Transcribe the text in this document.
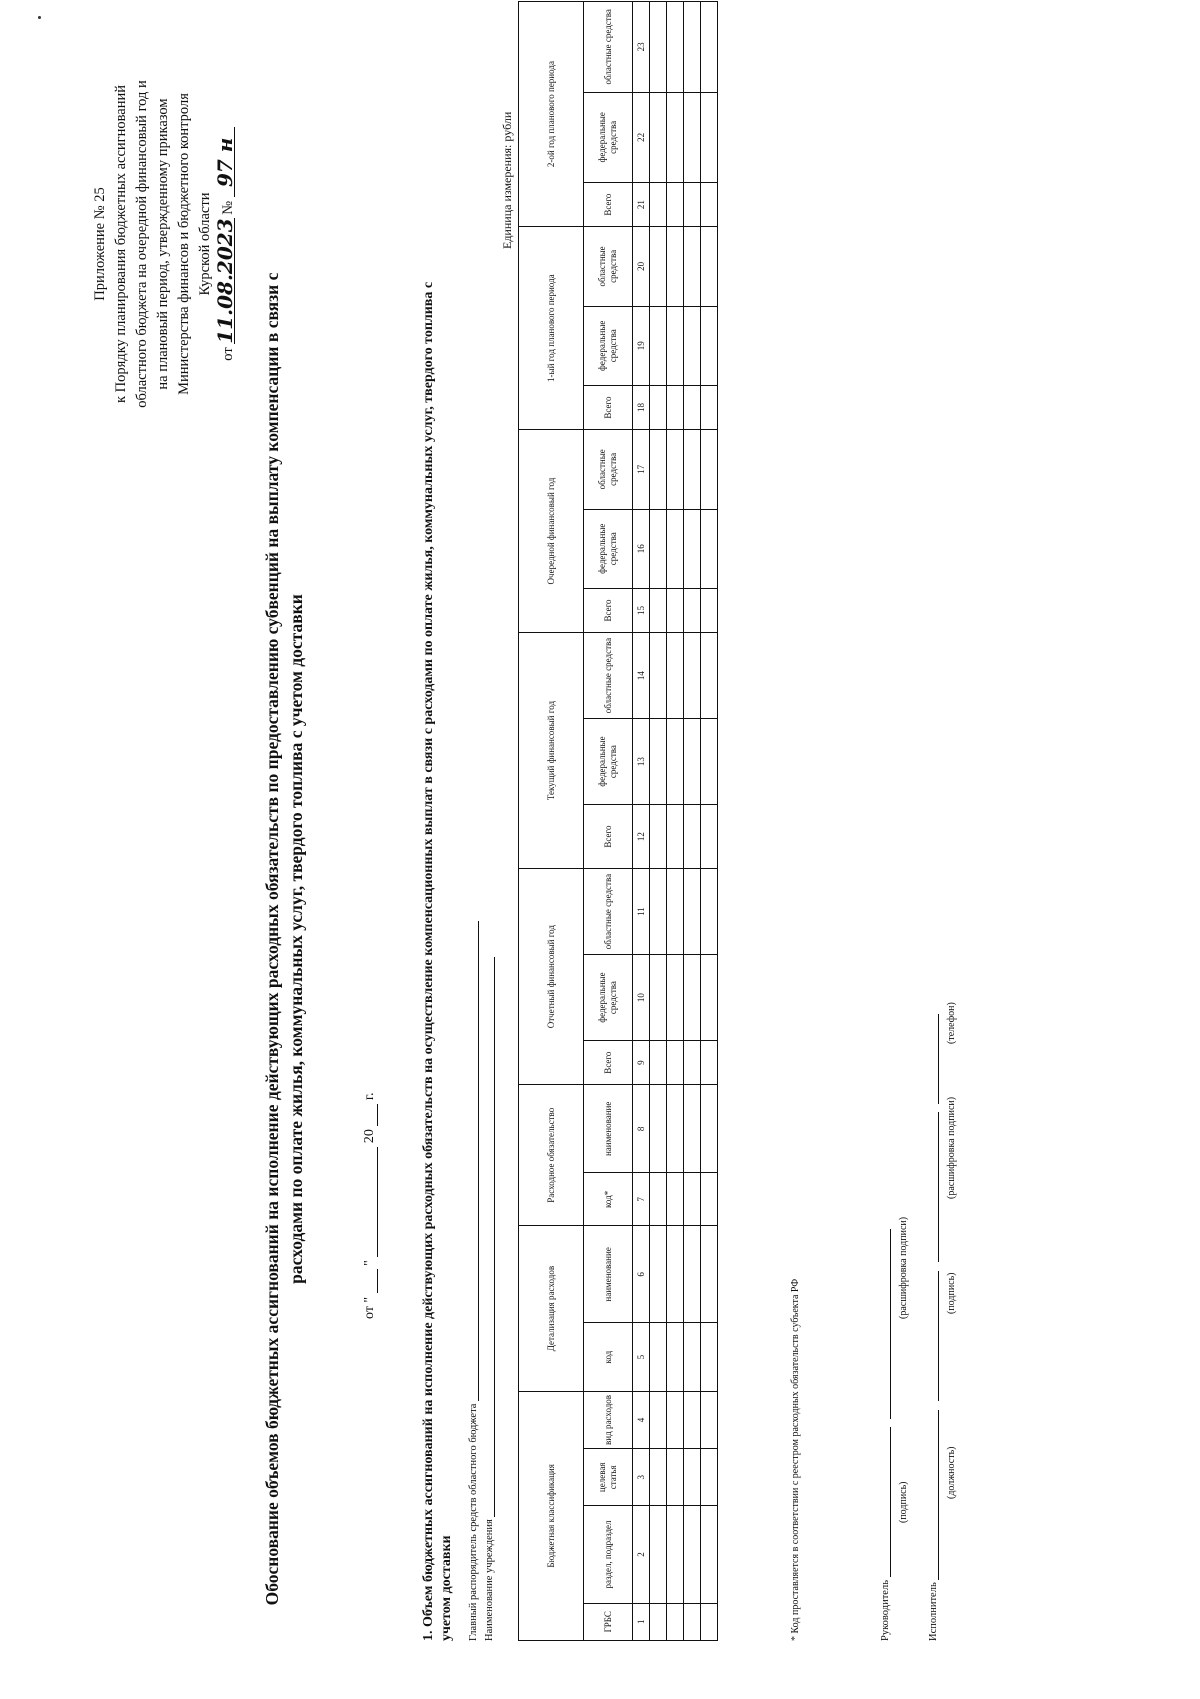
Приложение № 25 к Порядку планирования бюджетных ассигнований областного бюджета на очередной финансовый год и на плановый период, утвержденному приказом Министерства финансов и бюджетного контроля Курской области
от 11.08.2023 № 97 н
Обоснование объемов бюджетных ассигнований на исполнение действующих расходных обязательств по предоставлению субвенций на выплату компенсации в связи с расходами по оплате жилья, коммунальных услуг, твердого топлива с учетом доставки
от "  "  20  г.	1. Объем бюджетных ассигнований на исполнение действующих расходных обязательств на осуществление компенсационных выплат в связи с расходами по оплате жилья, коммунальных услуг, твердого топлива с учетом доставки Главный распорядитель средств областного бюджета Наименование учреждения
Единица измерения: рубли
Бюджетная классификация				Детализация расходов		Расходное обязательство		Отчетный финансовый год			Текущий финансовый год			Очередной финансовый год			1-ый год планового периода			2-ой год планового периода		
ГРБС	раздел, подраздел	целевая статья	вид расходов	код	наименование	код*	наименование	Всего	федеральные средства	областные средства	Всего	федеральные средства	областные средства	Всего	федеральные средства	областные средства	Всего	федеральные средства	областные средства	Всего	федеральные средства	областные средства
1	2	3	4	5	6	7	8	9	10	11	12	13	14	15	16	17	18	19	20	21	22	23

* Код проставляется в соответствии с реестром расходных обязательств субъекта РФ	Руководитель
(подпись)
(расшифровка подписи)
Исполнитель
(должность)
(подпись)
(расшифровка подписи)
(телефон)
